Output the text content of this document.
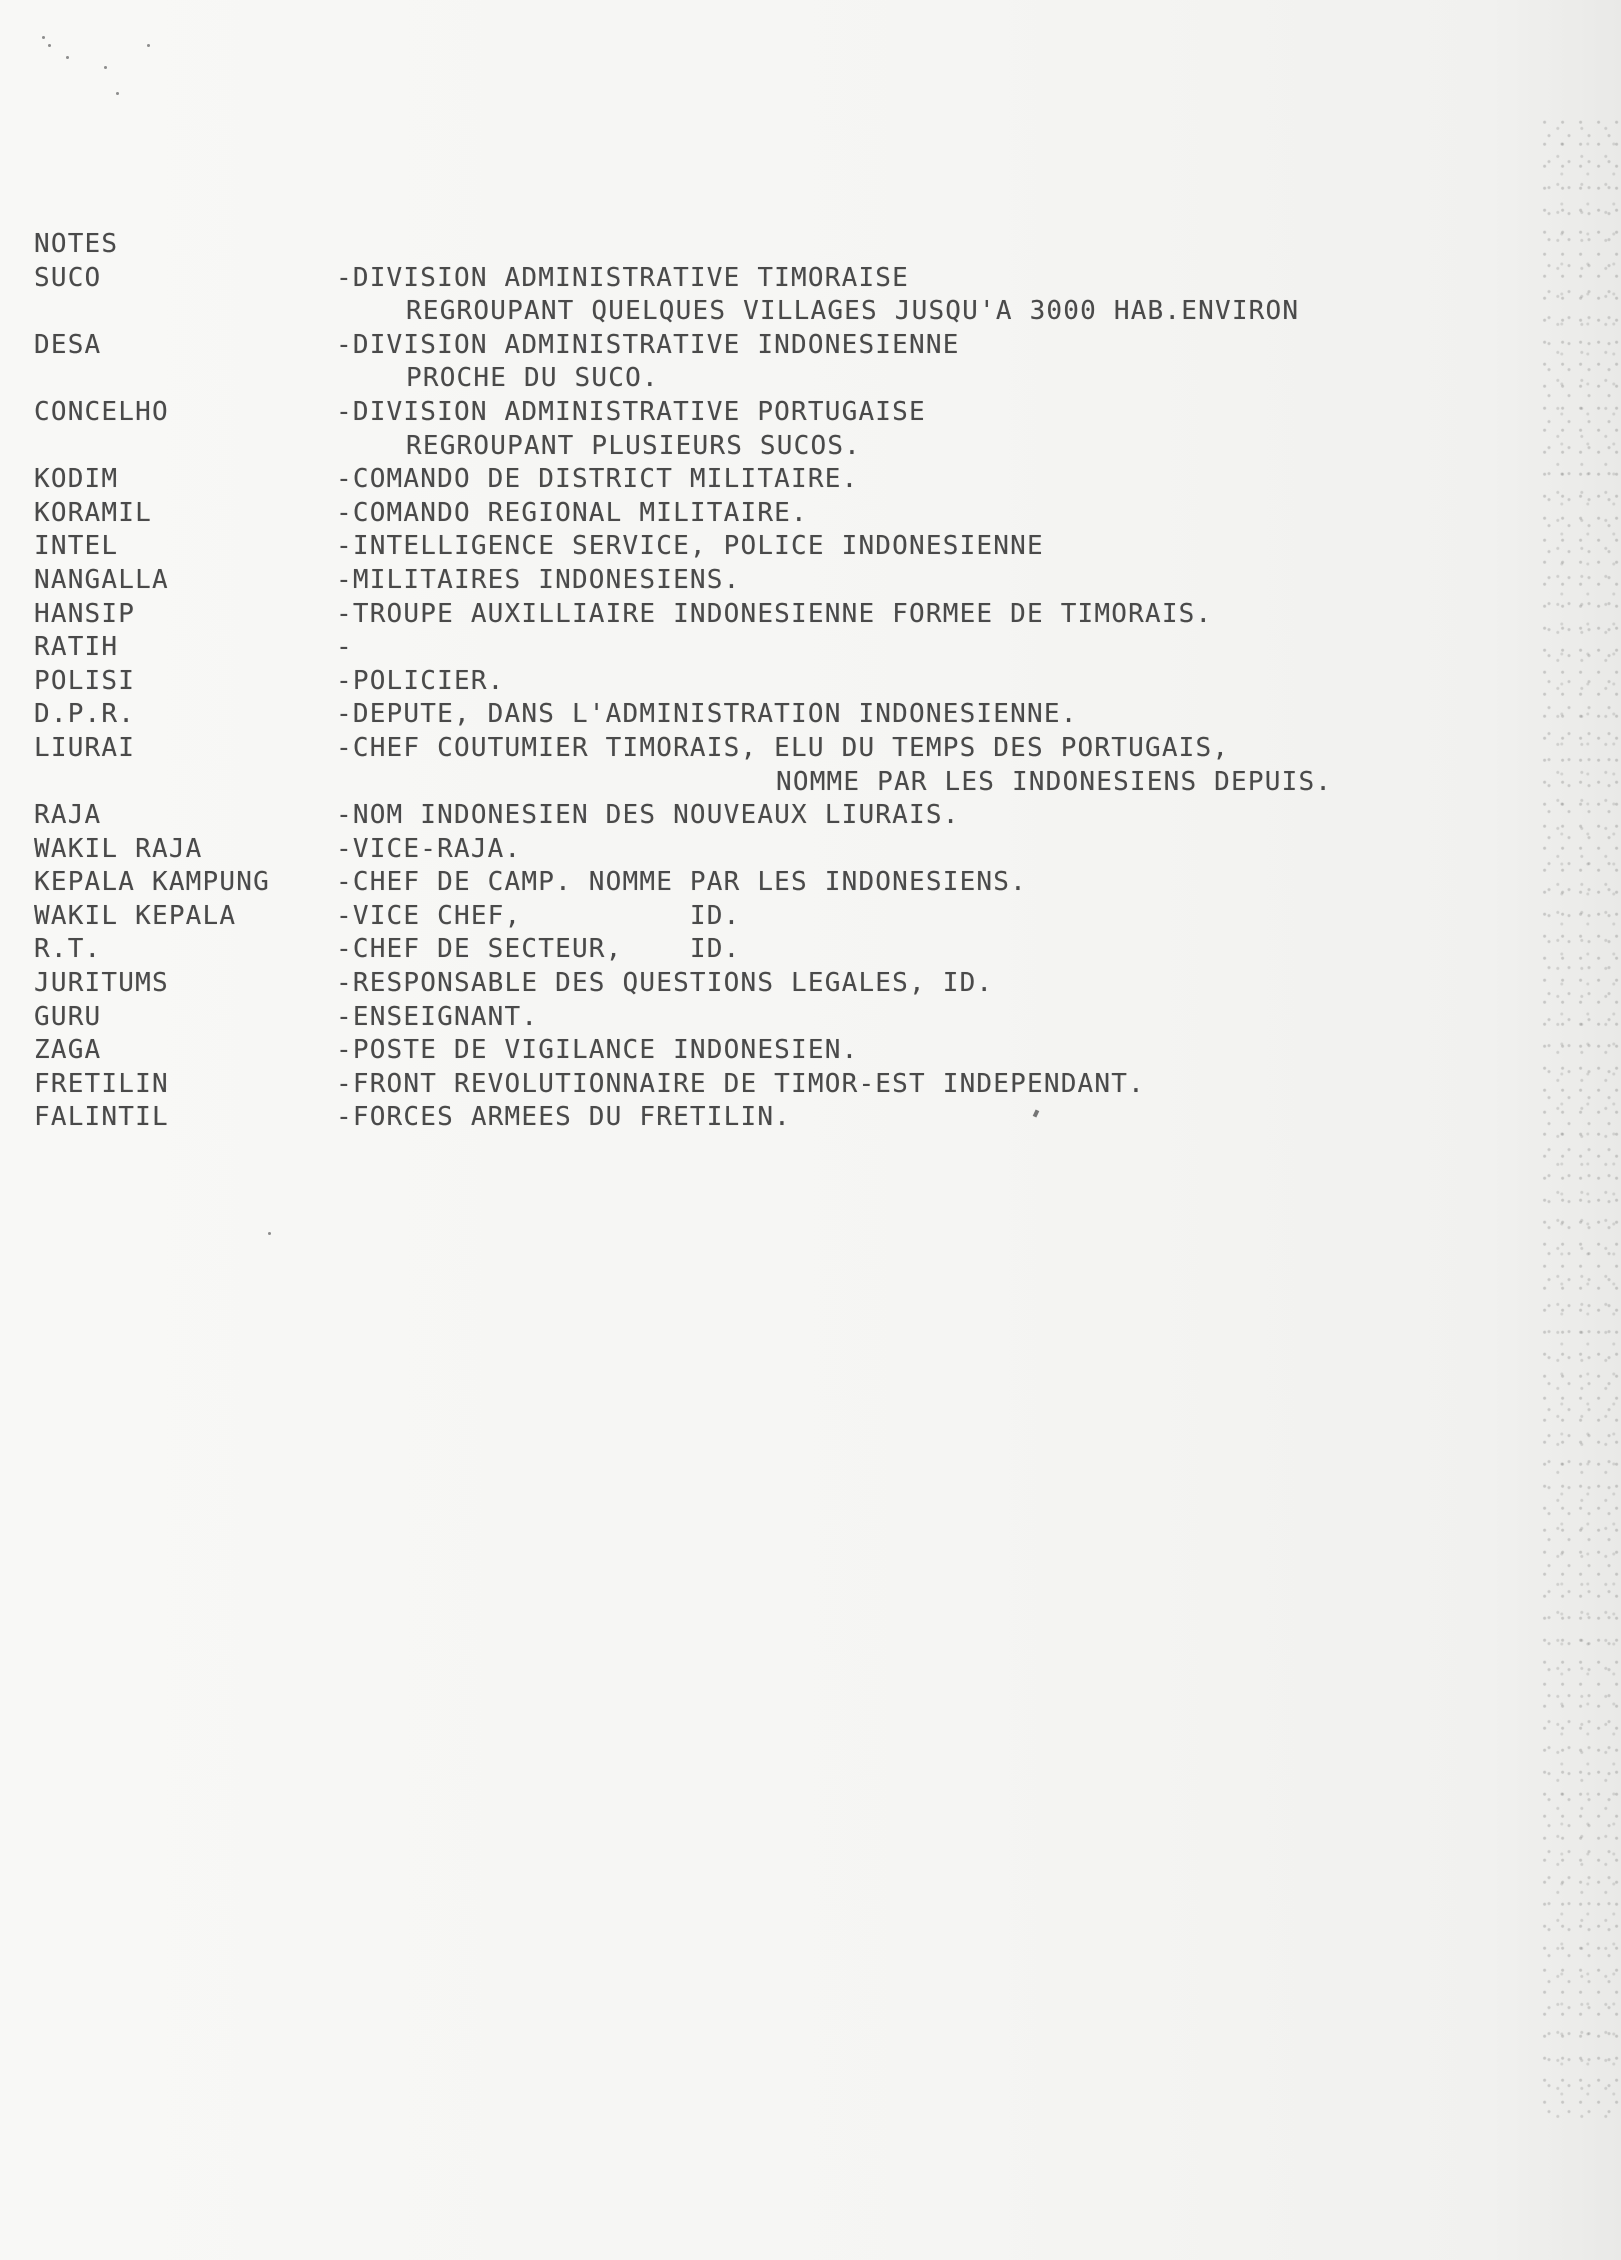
NOTES
SUCO	-DIVISION ADMINISTRATIVE TIMORAISE
REGROUPANT QUELQUES VILLAGES JUSQU'A 3000 HAB.ENVIRON
DESA	-DIVISION ADMINISTRATIVE INDONESIENNE
PROCHE DU SUCO.
CONCELHO	-DIVISION ADMINISTRATIVE PORTUGAISE
REGROUPANT PLUSIEURS SUCOS.
KODIM	-COMANDO DE DISTRICT MILITAIRE.
KORAMIL	-COMANDO REGIONAL MILITAIRE.
INTEL	-INTELLIGENCE SERVICE, POLICE INDONESIENNE
NANGALLA	-MILITAIRES INDONESIENS.
HANSIP	-TROUPE AUXILLIAIRE INDONESIENNE FORMEE DE TIMORAIS.
RATIH	-
POLISI	-POLICIER.
D.P.R.	-DEPUTE, DANS L'ADMINISTRATION INDONESIENNE.
LIURAI	-CHEF COUTUMIER TIMORAIS, ELU DU TEMPS DES PORTUGAIS,
NOMME PAR LES INDONESIENS DEPUIS.
RAJA	-NOM INDONESIEN DES NOUVEAUX LIURAIS.
WAKIL RAJA	-VICE-RAJA.
KEPALA KAMPUNG	-CHEF DE CAMP. NOMME PAR LES INDONESIENS.
WAKIL KEPALA	-VICE CHEF,          ID.
R.T.	-CHEF DE SECTEUR,    ID.
JURITUMS	-RESPONSABLE DES QUESTIONS LEGALES, ID.
GURU	-ENSEIGNANT.
ZAGA	-POSTE DE VIGILANCE INDONESIEN.
FRETILIN	-FRONT REVOLUTIONNAIRE DE TIMOR-EST INDEPENDANT.
FALINTIL	-FORCES ARMEES DU FRETILIN.
